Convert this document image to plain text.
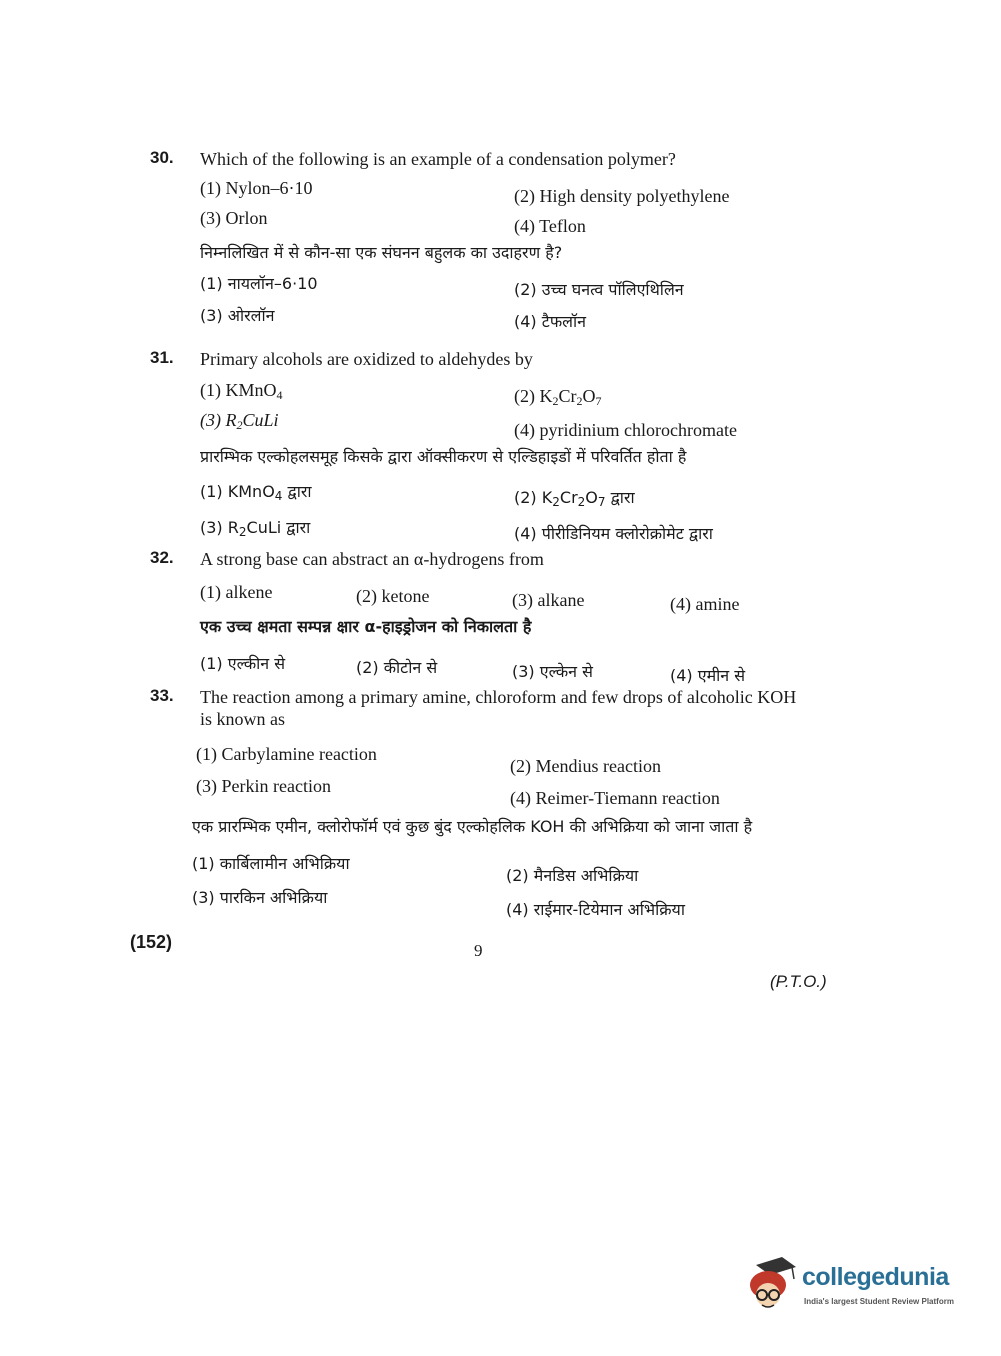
30. Which of the following is an example of a condensation polymer?
(1) Nylon–6·10	(2) High density polyethylene
(3) Orlon	(4) Teflon
निम्नलिखित में से कौन-सा एक संघनन बहुलक का उदाहरण है?
(1) नायलॉन–6·10	(2) उच्च घनत्व पॉलिएथिलिन
(3) ओरलॉन	(4) टैफलॉन
31. Primary alcohols are oxidized to aldehydes by
(1) KMnO$_4$	(2) $K_2Cr_2O_7$
(3) $R_2CuLi$	(4) pyridinium chlorochromate
प्रारम्भिक एल्कोहलसमूह किसके द्वारा ऑक्सीकरण से एल्डिहाइडों में परिवर्तित होता है
(1) KMnO$_4$ द्वारा	(2) $K_2Cr_2O_7$ द्वारा
(3) $R_2CuLi$ द्वारा	(4) पीरीडिनियम क्लोरोक्रोमेट द्वारा
32. A strong base can abstract an α-hydrogens from
(1) alkene	(2) ketone	(3) alkane	(4) amine
एक उच्च क्षमता सम्पन्न क्षार α-हाइड्रोजन को निकालता है
(1) एल्कीन से	(2) कीटोन से	(3) एल्केन से	(4) एमीन से
33. The reaction among a primary amine, chloroform and few drops of alcoholic KOH is known as
(1) Carbylamine reaction
(2) Mendius reaction
(3) Perkin reaction
(4) Reimer-Tiemann reaction
एक प्रारम्भिक एमीन, क्लोरोफॉर्म एवं कुछ बुंद एल्कोहलिक KOH की अभिक्रिया को जाना जाता है
(1) कार्बिलामीन अभिक्रिया
(2) मैनडिस अभिक्रिया
(3) पारकिन अभिक्रिया
(4) राईमार-टियेमान अभिक्रिया
(152)	9
(P.T.O.)
collegedunia
India's largest Student Review Platform
